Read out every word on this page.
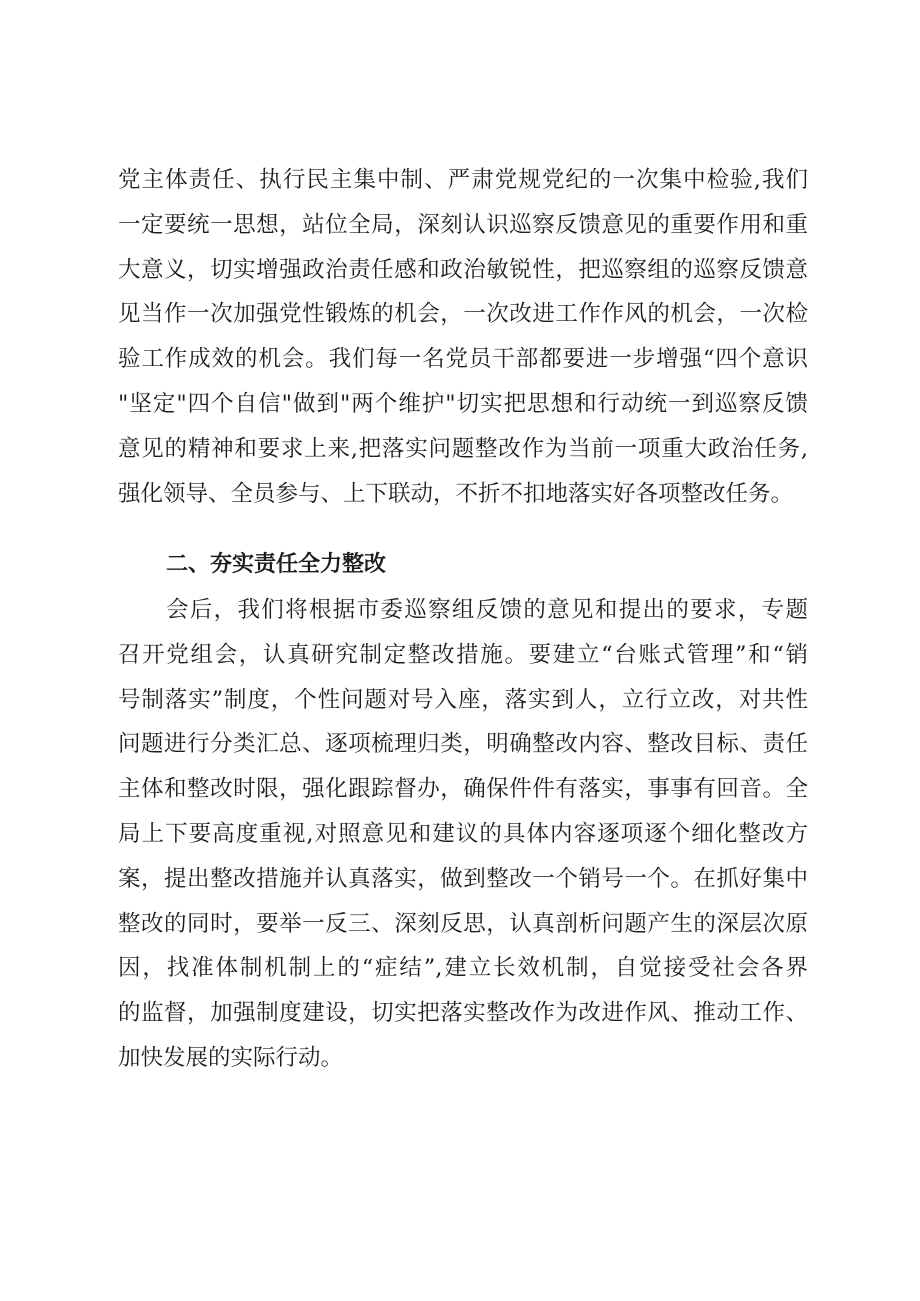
党主体责任、执行民主集中制、严肃党规党纪的一次集中检验,我们
一定要统一思想，站位全局，深刻认识巡察反馈意见的重要作用和重
大意义，切实增强政治责任感和政治敏锐性，把巡察组的巡察反馈意
见当作一次加强党性锻炼的机会，一次改进工作作风的机会，一次检
验工作成效的机会。我们每一名党员干部都要进一步增强“四个意识
"坚定"四个自信"做到"两个维护"切实把思想和行动统一到巡察反馈
意见的精神和要求上来,把落实问题整改作为当前一项重大政治任务,
强化领导、全员参与、上下联动，不折不扣地落实好各项整改任务。
二、夯实责任全力整改
会后，我们将根据市委巡察组反馈的意见和提出的要求，专题
召开党组会，认真研究制定整改措施。要建立“台账式管理”和“销
号制落实”制度，个性问题对号入座，落实到人，立行立改，对共性
问题进行分类汇总、逐项梳理归类，明确整改内容、整改目标、责任
主体和整改时限，强化跟踪督办，确保件件有落实，事事有回音。全
局上下要高度重视,对照意见和建议的具体内容逐项逐个细化整改方
案，提出整改措施并认真落实，做到整改一个销号一个。在抓好集中
整改的同时，要举一反三、深刻反思，认真剖析问题产生的深层次原
因，找准体制机制上的“症结”,建立长效机制，自觉接受社会各界
的监督，加强制度建设，切实把落实整改作为改进作风、推动工作、
加快发展的实际行动。
